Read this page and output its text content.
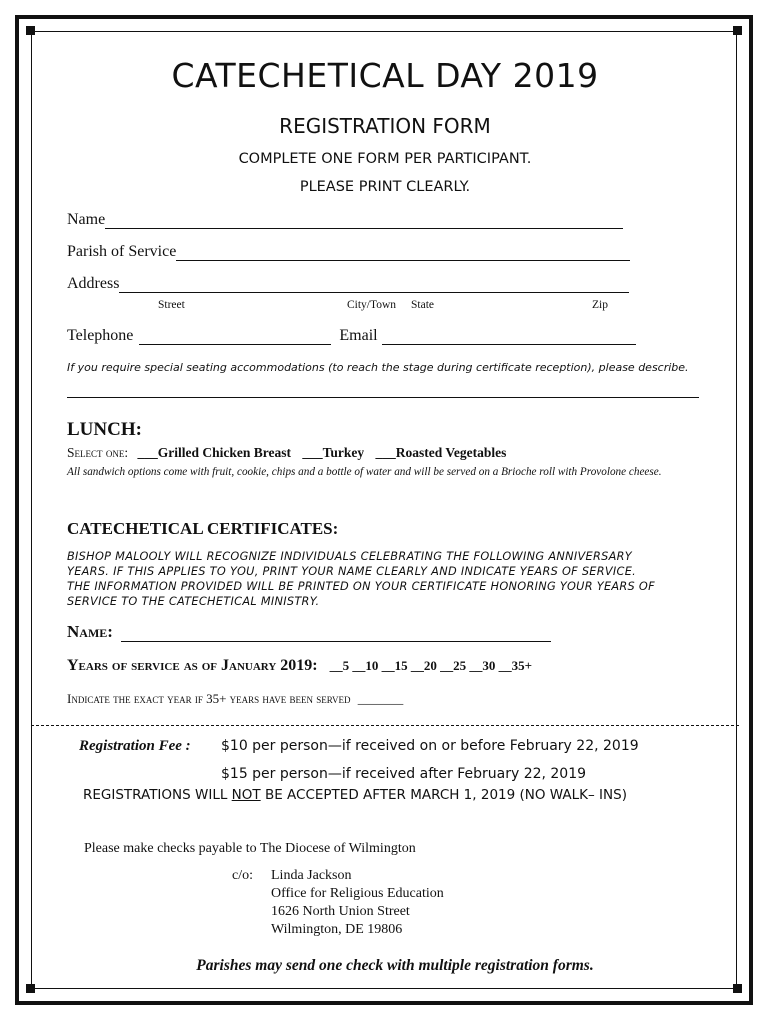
CATECHETICAL DAY 2019
REGISTRATION FORM
COMPLETE ONE FORM PER PARTICIPANT.
PLEASE PRINT CLEARLY.
Name
Parish of Service
Address
Street	City/Town State	Zip
Telephone	Email
If you require special seating accommodations (to reach the stage during certificate reception), please describe.
LUNCH:
Select one: ___Grilled Chicken Breast ___Turkey ___Roasted Vegetables
All sandwich options come with fruit, cookie, chips and a bottle of water and will be served on a Brioche roll with Provolone cheese.
CATECHETICAL CERTIFICATES:
BISHOP MALOOLY WILL RECOGNIZE INDIVIDUALS CELEBRATING THE FOLLOWING ANNIVERSARY
YEARS. IF THIS APPLIES TO YOU, PRINT YOUR NAME CLEARLY AND INDICATE YEARS OF SERVICE.
THE INFORMATION PROVIDED WILL BE PRINTED ON YOUR CERTIFICATE HONORING YOUR YEARS OF
SERVICE TO THE CATECHETICAL MINISTRY.
Name:
Years of service as of January 2019: __5 __10 __15 __20 __25 __30 __35+
Indicate the exact year if 35+ years have been served _______
Registration Fee : $10 per person—if received on or before February 22, 2019
$15 per person—if received after February 22, 2019
REGISTRATIONS WILL NOT BE ACCEPTED AFTER MARCH 1, 2019 (NO WALK– INS)
Please make checks payable to The Diocese of Wilmington
c/o: Linda Jackson
Office for Religious Education
1626 North Union Street
Wilmington, DE 19806
Parishes may send one check with multiple registration forms.
